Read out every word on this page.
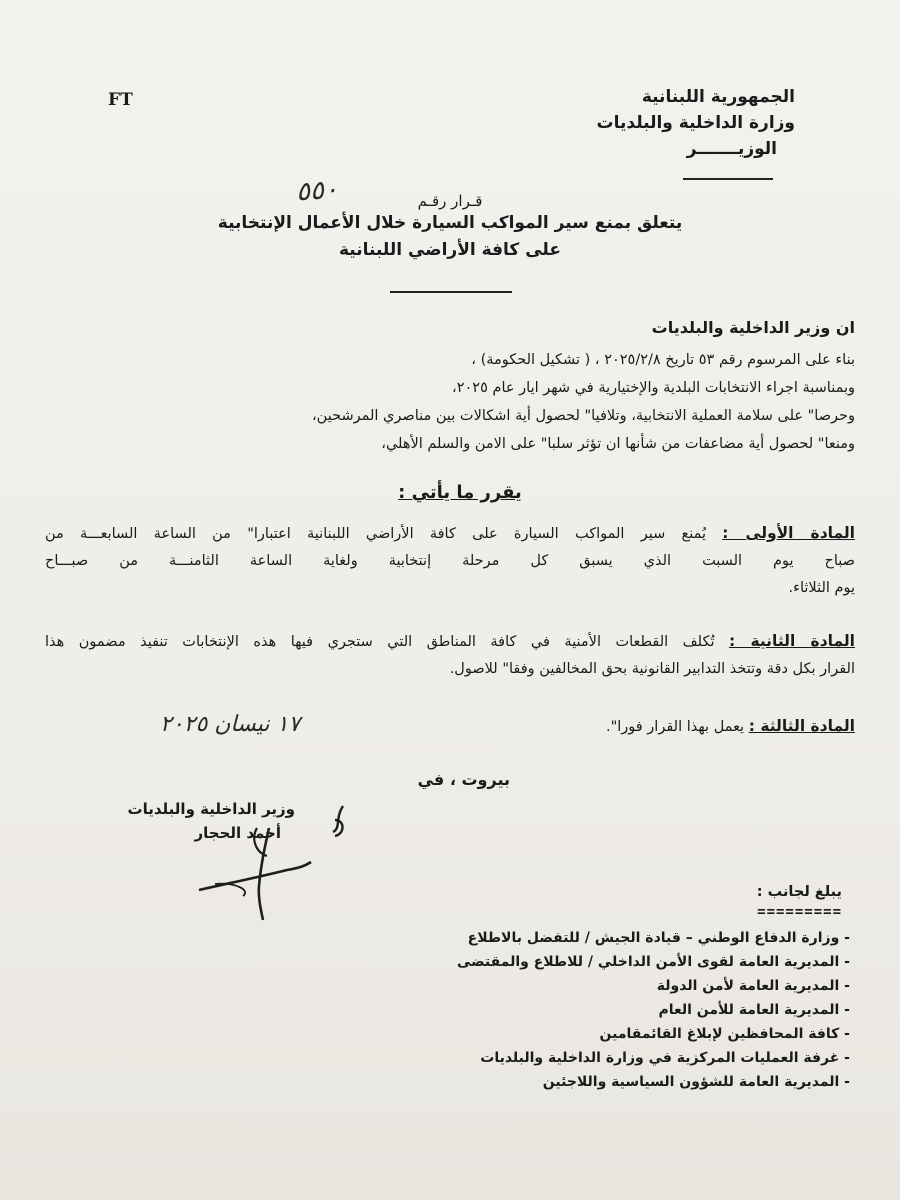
FT	الجمهورية اللبنانية
وزارة الداخلية والبلديات
الوزيـــــــر
٥٥٠	قـرار رقـم
يتعلق بمنع سير المواكب السيارة خلال الأعمال الإنتخابية
على كافة الأراضي اللبنانية
ان وزير الداخلية والبلديات
بناء على المرسوم رقم ٥٣ تاريخ ٢٠٢٥/٢/٨ ، ( تشكيل الحكومة) ،
وبمناسبة اجراء الانتخابات البلدية والإختيارية في شهر ايار عام ٢٠٢٥،
وحرصا" على سلامة العملية الانتخابية، وتلافيا" لحصول أية اشكالات بين مناصري المرشحين،
ومنعا" لحصول أية مضاعفات من شأنها ان تؤثر سلبا" على الامن والسلم الأهلي،
يقرر ما يأتي :
المادة الأولى : يُمنع سير المواكب السيارة على كافة الأراضي اللبنانية اعتبارا" من الساعة السابعـــة من
صباح يوم السبت الذي يسبق كل مرحلة إنتخابية ولغاية الساعة الثامنـــة من صبـــاح
يوم الثلاثاء.
المادة الثانية : تُكلف القطعات الأمنية في كافة المناطق التي ستجري فيها هذه الإنتخابات تنفيذ مضمون هذا
القرار بكل دقة وتتخذ التدابير القانونية بحق المخالفين وفقا" للاصول.
المادة الثالثة : يعمل بهذا القرار فورا".
١٧ نيسان ٢٠٢٥
بيروت ، في
وزير الداخلية والبلديات
أحمد الحجار
يبلغ لجانب :
=========
- وزارة الدفاع الوطني – قيادة الجيش / للتفضل بالاطلاع
- المديرية العامة لقوى الأمن الداخلي / للاطلاع والمقتضى
- المديرية العامة لأمن الدولة
- المديرية العامة للأمن العام
- كافة المحافظين لإبلاغ القائمقامين
- غرفة العمليات المركزية في وزارة الداخلية والبلديات
- المديرية العامة للشؤون السياسية واللاجئين
